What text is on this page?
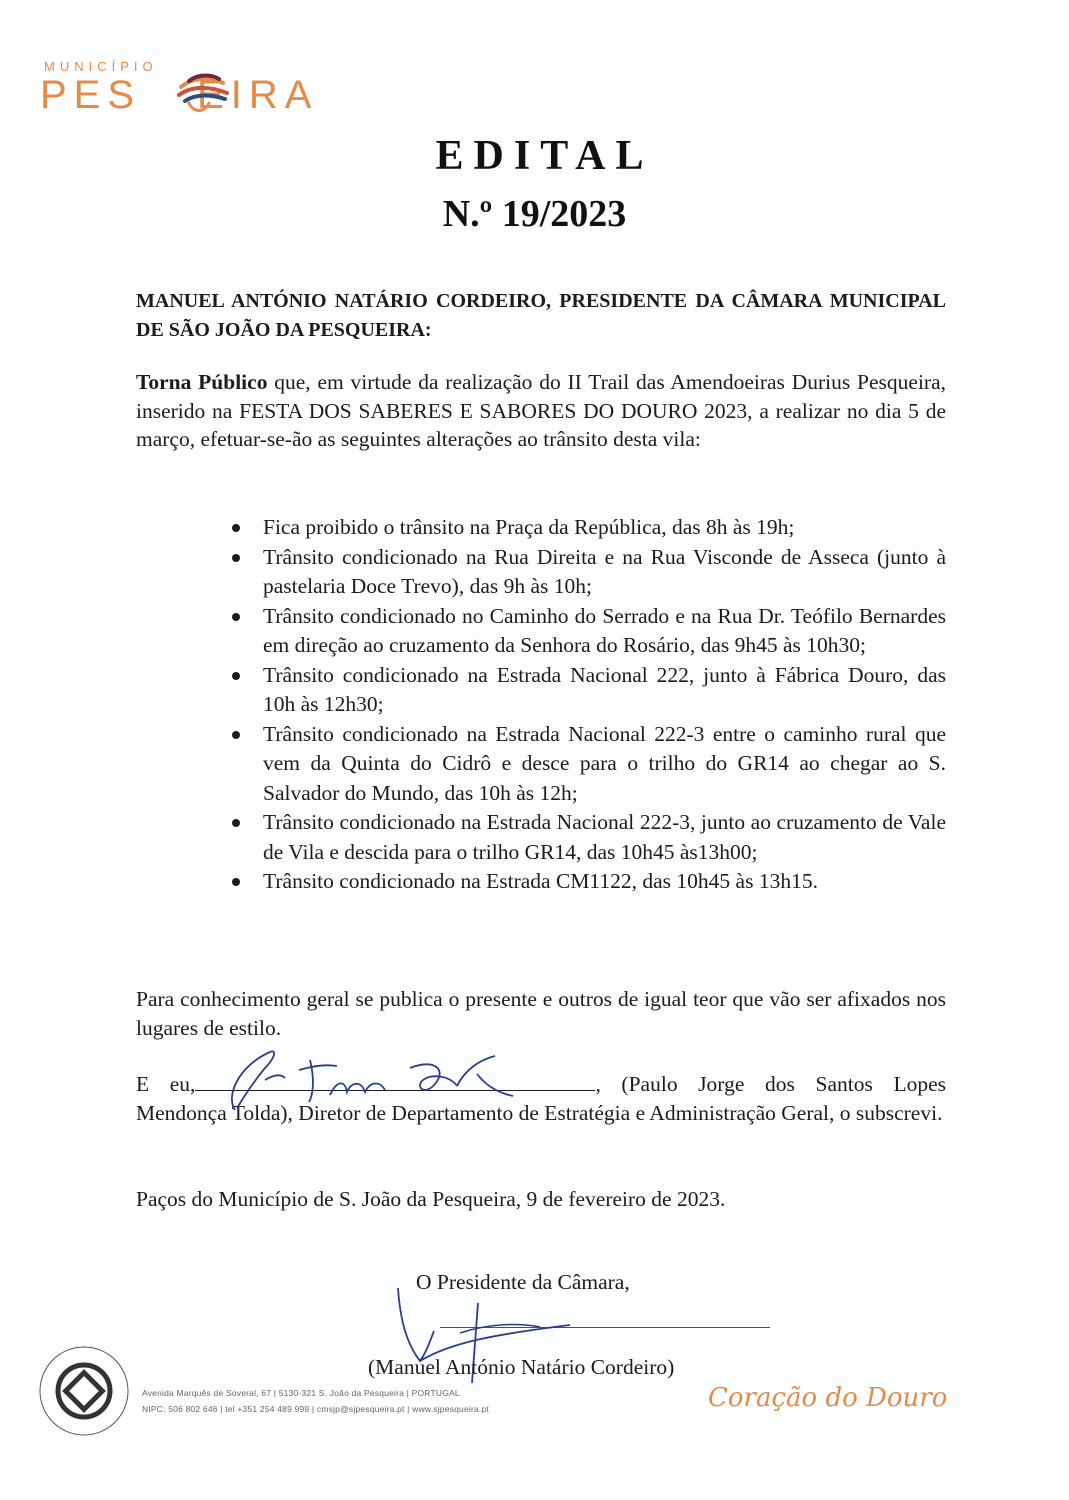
MUNICÍPIO
PES EIRA
EDITAL
N.º 19/2023
MANUEL ANTÓNIO NATÁRIO CORDEIRO, PRESIDENTE DA CÂMARA MUNICIPAL DE SÃO JOÃO DA PESQUEIRA:
Torna Público que, em virtude da realização do II Trail das Amendoeiras Durius Pesqueira, inserido na FESTA DOS SABERES E SABORES DO DOURO 2023, a realizar no dia 5 de março, efetuar-se-ão as seguintes alterações ao trânsito desta vila:
Fica proibido o trânsito na Praça da República, das 8h às 19h;
Trânsito condicionado na Rua Direita e na Rua Visconde de Asseca (junto à pastelaria Doce Trevo), das 9h às 10h;
Trânsito condicionado no Caminho do Serrado e na Rua Dr. Teófilo Bernardes em direção ao cruzamento da Senhora do Rosário, das 9h45 às 10h30;
Trânsito condicionado na Estrada Nacional 222, junto à Fábrica Douro, das 10h às 12h30;
Trânsito condicionado na Estrada Nacional 222-3 entre o caminho rural que vem da Quinta do Cidrô e desce para o trilho do GR14 ao chegar ao S. Salvador do Mundo, das 10h às 12h;
Trânsito condicionado na Estrada Nacional 222-3, junto ao cruzamento de Vale de Vila e descida para o trilho GR14, das 10h45 às13h00;
Trânsito condicionado na Estrada CM1122, das 10h45 às 13h15.
Para conhecimento geral se publica o presente e outros de igual teor que vão ser afixados nos lugares de estilo.
E eu,	, (Paulo Jorge dos Santos Lopes Mendonça Tolda), Diretor de Departamento de Estratégia e Administração Geral, o subscrevi.
Paços do Município de S. João da Pesqueira, 9 de fevereiro de 2023.
O Presidente da Câmara,
(Manuel António Natário Cordeiro)
Avenida Marquês de Soveral, 67 | 5130-321 S. João da Pesqueira | PORTUGAL
NIPC: 506 802 646 | tel +351 254 489 999 | cmsjp@sjpesqueira.pt | www.sjpesqueira.pt	Coração do Douro
